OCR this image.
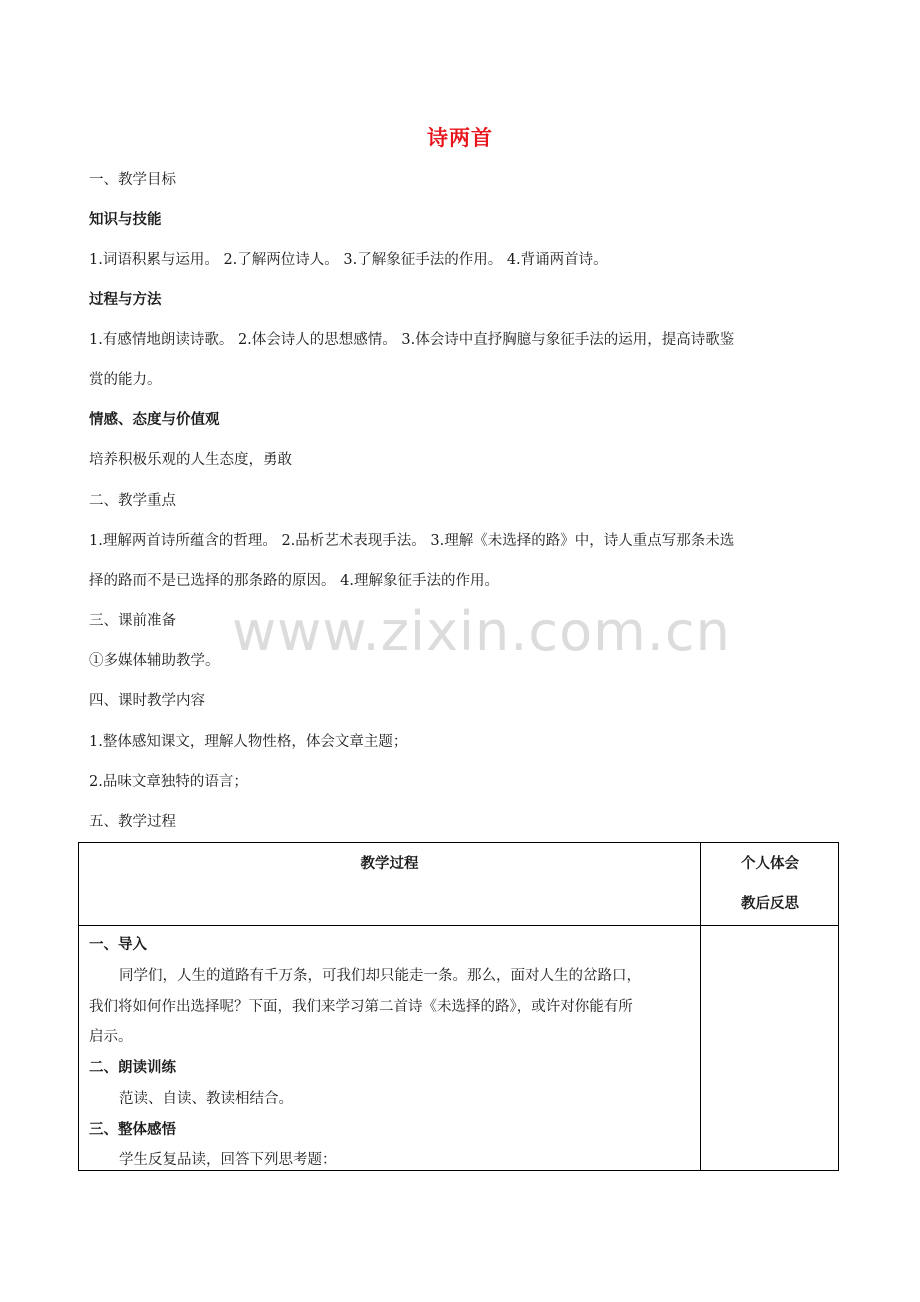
www.zixin.com.cn
诗两首
一、教学目标
知识与技能
1.词语积累与运用。 2.了解两位诗人。 3.了解象征手法的作用。 4.背诵两首诗。
过程与方法
1.有感情地朗读诗歌。 2.体会诗人的思想感情。 3.体会诗中直抒胸臆与象征手法的运用，提高诗歌鉴
赏的能力。
情感、态度与价值观
培养积极乐观的人生态度，勇敢
二、教学重点
1.理解两首诗所蕴含的哲理。 2.品析艺术表现手法。 3.理解《未选择的路》中，诗人重点写那条未选
择的路而不是已选择的那条路的原因。 4.理解象征手法的作用。
三、课前准备
①多媒体辅助教学。
四、课时教学内容
1.整体感知课文，理解人物性格，体会文章主题；
2.品味文章独特的语言；
五、教学过程
教学过程	个人体会
教后反思
一、导入
同学们，人生的道路有千万条，可我们却只能走一条。那么，面对人生的岔路口，
我们将如何作出选择呢？下面，我们来学习第二首诗《未选择的路》，或许对你能有所
启示。
二、朗读训练
范读、自读、教读相结合。
三、整体感悟
学生反复品读，回答下列思考题：
